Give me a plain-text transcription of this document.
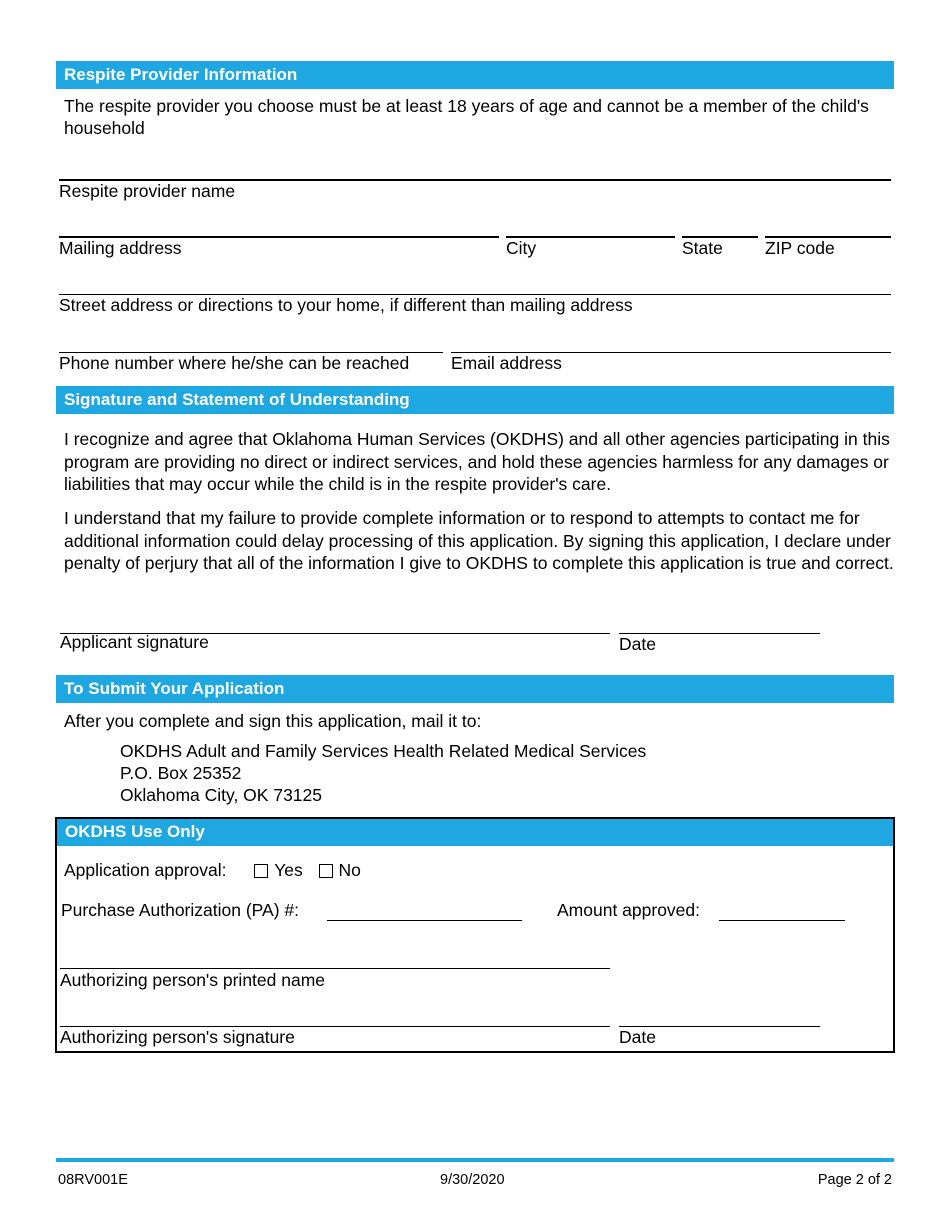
Respite Provider Information
The respite provider you choose must be at least 18 years of age and cannot be a member of the child's household
Respite provider name
Mailing address	City	State ZIP code
Street address or directions to your home, if different than mailing address
Phone number where he/she can be reached Email address
Signature and Statement of Understanding
I recognize and agree that Oklahoma Human Services (OKDHS) and all other agencies participating in this program are providing no direct or indirect services, and hold these agencies harmless for any damages or liabilities that may occur while the child is in the respite provider's care.
I understand that my failure to provide complete information or to respond to attempts to contact me for additional information could delay processing of this application. By signing this application, I declare under penalty of perjury that all of the information I give to OKDHS to complete this application is true and correct.
Applicant signature	Date
To Submit Your Application
After you complete and sign this application, mail it to:
OKDHS Adult and Family Services Health Related Medical Services
P.O. Box 25352
Oklahoma City, OK 73125
OKDHS Use Only
Application approval:	Yes No
Purchase Authorization (PA) #:	Amount approved:
Authorizing person's printed name
Authorizing person's signature	Date
08RV001E	9/30/2020	Page 2 of 2
